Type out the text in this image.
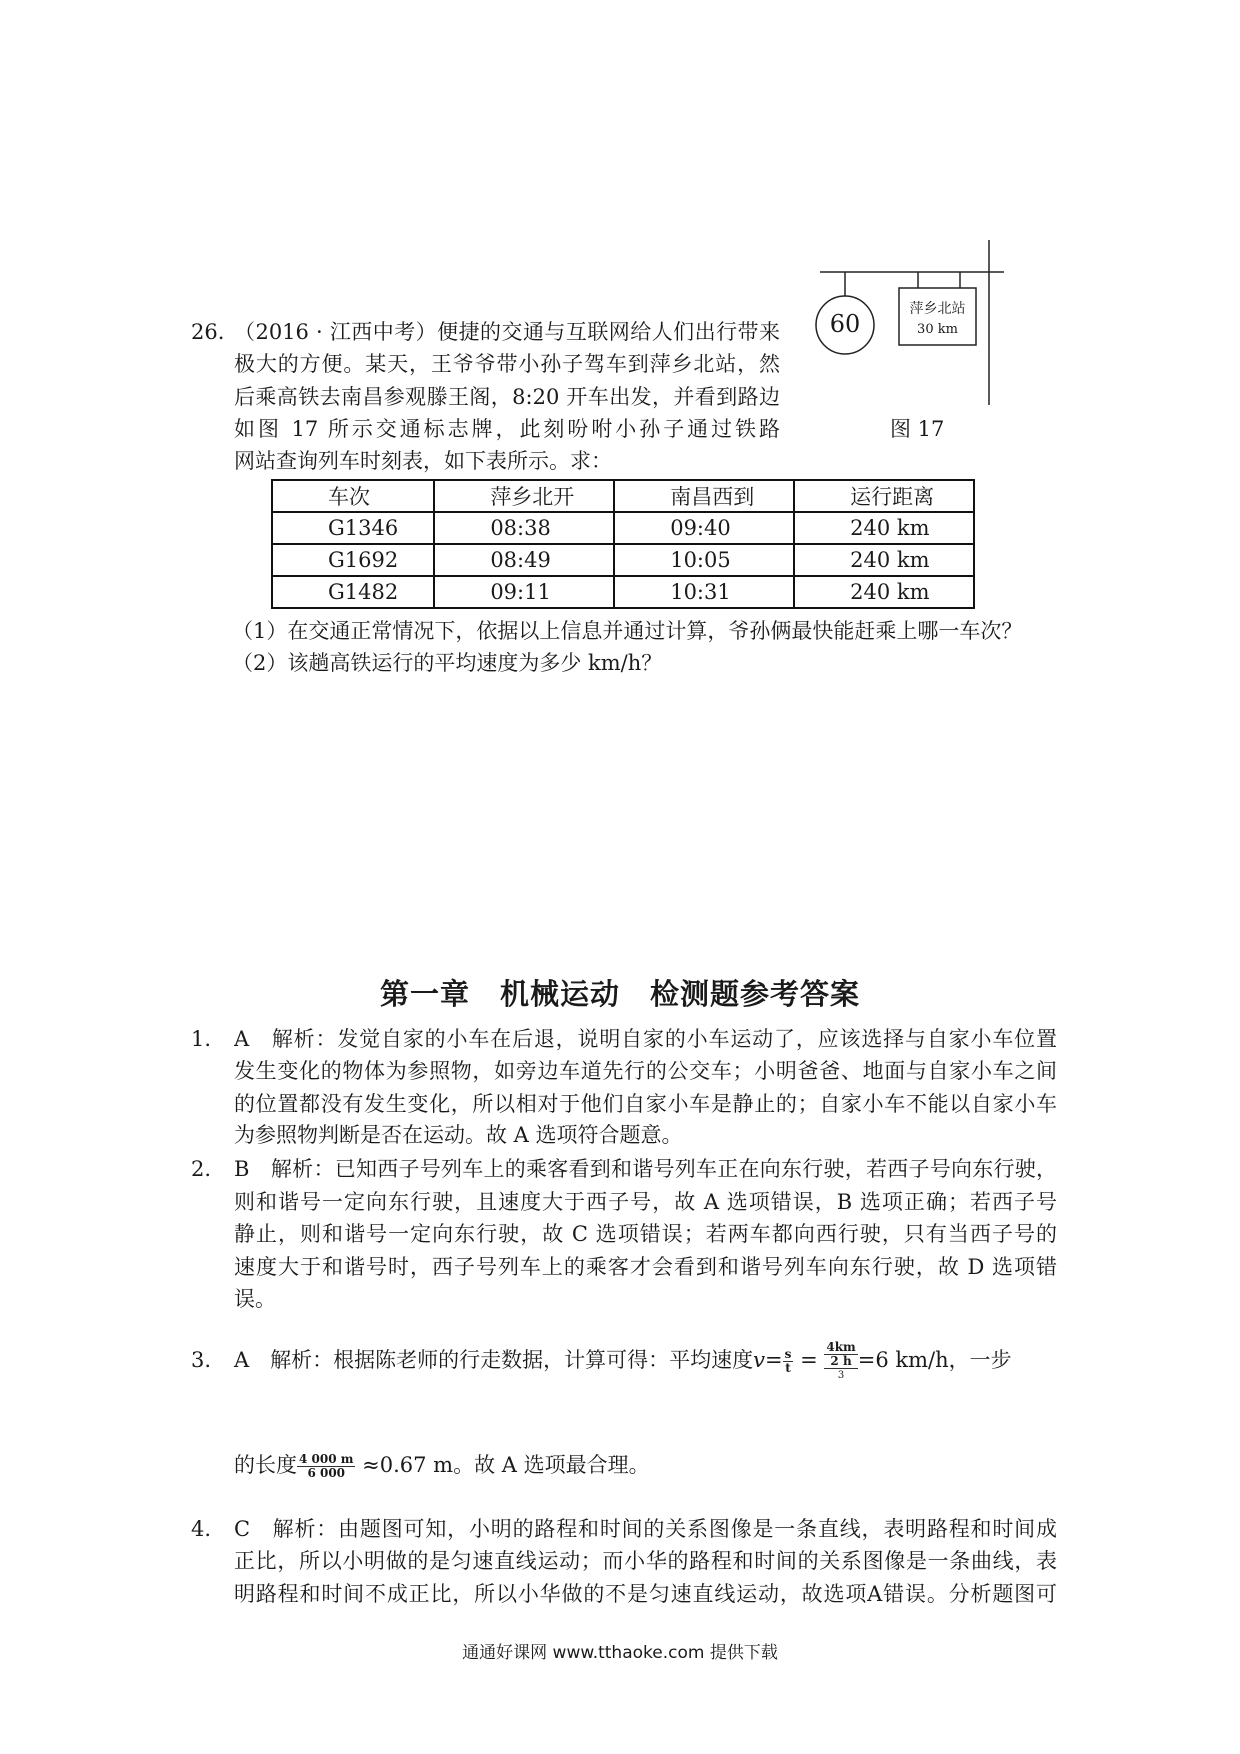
26. （2016 · 江西中考）便捷的交通与互联网给人们出行带来
极大的方便。某天，王爷爷带小孙子驾车到萍乡北站，然
后乘高铁去南昌参观滕王阁，8:20 开车出发，并看到路边
如图 17 所示交通标志牌，此刻吩咐小孙子通过铁路
网站查询列车时刻表，如下表所示。求：
60
萍乡北站
30 km
图 17
车次	萍乡北开	南昌西到	运行距离
G1346	08:38	09:40	240 km
G1692	08:49	10:05	240 km
G1482	09:11	10:31	240 km
（1）在交通正常情况下，依据以上信息并通过计算，爷孙俩最快能赶乘上哪一车次？
（2）该趟高铁运行的平均速度为多少 km/h？
第一章　机械运动　检测题参考答案
1. A　解析：发觉自家的小车在后退，说明自家的小车运动了，应该选择与自家小车位置
发生变化的物体为参照物，如旁边车道先行的公交车；小明爸爸、地面与自家小车之间
的位置都没有发生变化，所以相对于他们自家小车是静止的；自家小车不能以自家小车
为参照物判断是否在运动。故 A 选项符合题意。
2. B　解析：已知西子号列车上的乘客看到和谐号列车正在向东行驶，若西子号向东行驶，
则和谐号一定向东行驶，且速度大于西子号，故 A 选项错误，B 选项正确；若西子号
静止，则和谐号一定向东行驶，故 C 选项错误；若两车都向西行驶，只有当西子号的
速度大于和谐号时，西子号列车上的乘客才会看到和谐号列车向东行驶，故 D 选项错
误。
3. A　解析：根据陈老师的行走数据，计算可得：平均速度$v= \frac{s}{t}$ =
4km
2 h
3
=6 km/h，一步
的长度 $\frac{4 000 m}{6 000} \approx 0.67$ m。故 A 选项最合理。
4. C　解析：由题图可知，小明的路程和时间的关系图像是一条直线，表明路程和时间成
正比，所以小明做的是匀速直线运动；而小华的路程和时间的关系图像是一条曲线，表
明路程和时间不成正比，所以小华做的不是匀速直线运动，故选项A错误。分析题图可
通通好课网 www.tthaoke.com 提供下载
